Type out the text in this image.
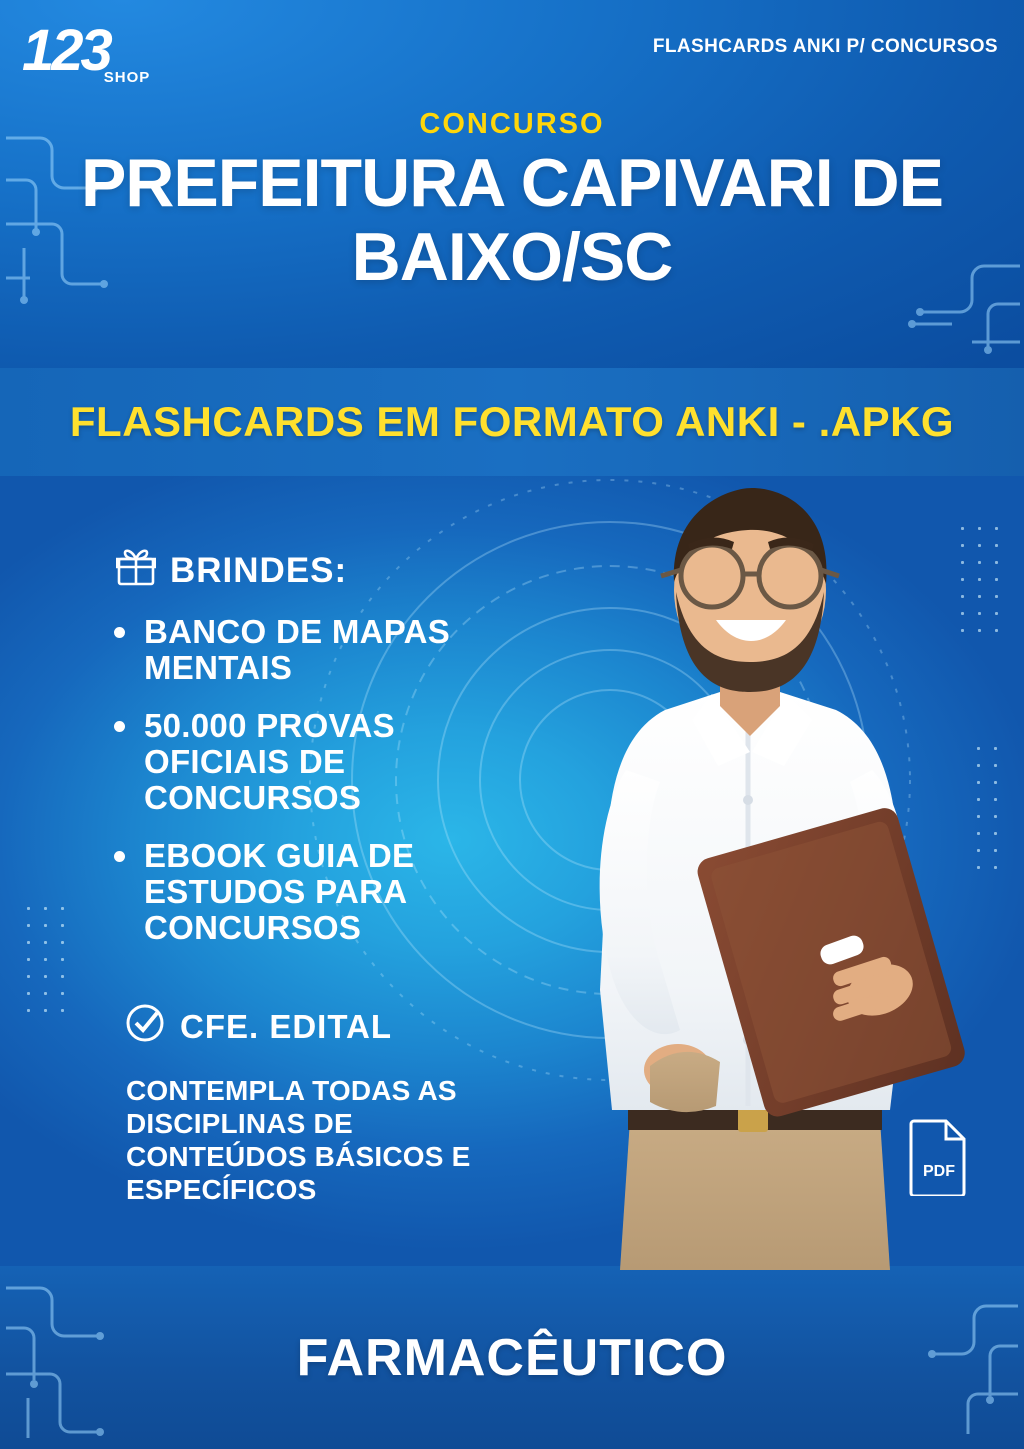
$123_{SHOP}$
FLASHCARDS ANKI P/ CONCURSOS
CONCURSO
PREFEITURA CAPIVARI DE BAIXO/SC
FLASHCARDS EM FORMATO ANKI - .APKG
BRINDES:
BANCO DE MAPAS MENTAIS
50.000 PROVAS OFICIAIS DE CONCURSOS
EBOOK GUIA DE ESTUDOS PARA CONCURSOS
CFE. EDITAL
CONTEMPLA TODAS AS DISCIPLINAS DE CONTEÚDOS BÁSICOS E ESPECÍFICOS
PDF
FARMACÊUTICO
